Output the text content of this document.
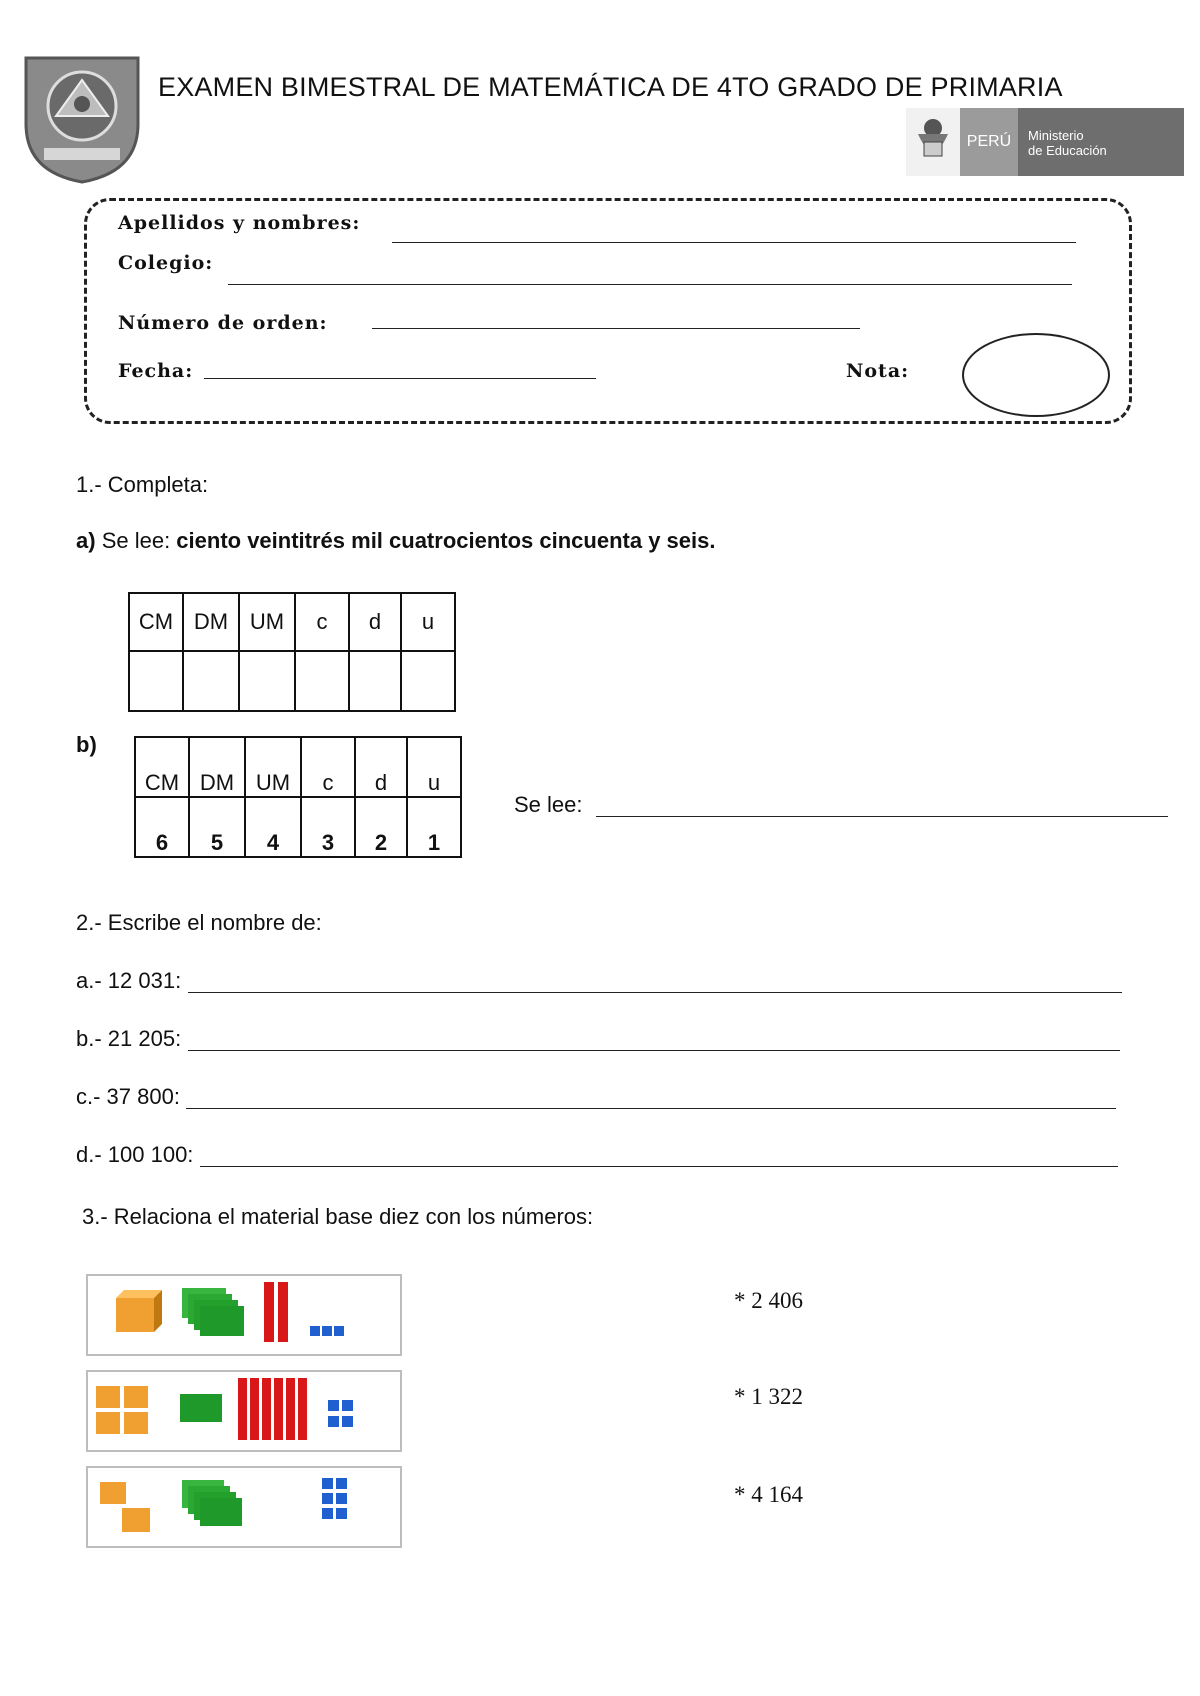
EXAMEN BIMESTRAL DE MATEMÁTICA DE 4TO GRADO DE PRIMARIA
PERÚ	Ministerio
de Educación
Apellidos y nombres:
Colegio:
Número de orden:
Fecha:	Nota:
1.- Completa:
a) Se lee: ciento veintitrés mil cuatrocientos cincuenta y seis.
CM	DM	UM	c	d	u

b)
CM	DM	UM	c	d	u
6	5	4	3	2	1
Se lee:
2.- Escribe el nombre de:
a.- 12 031:
b.- 21 205:
c.- 37 800:
d.- 100 100:
3.- Relaciona el material base diez con los números:
* 2 406
* 1 322
* 4 164
